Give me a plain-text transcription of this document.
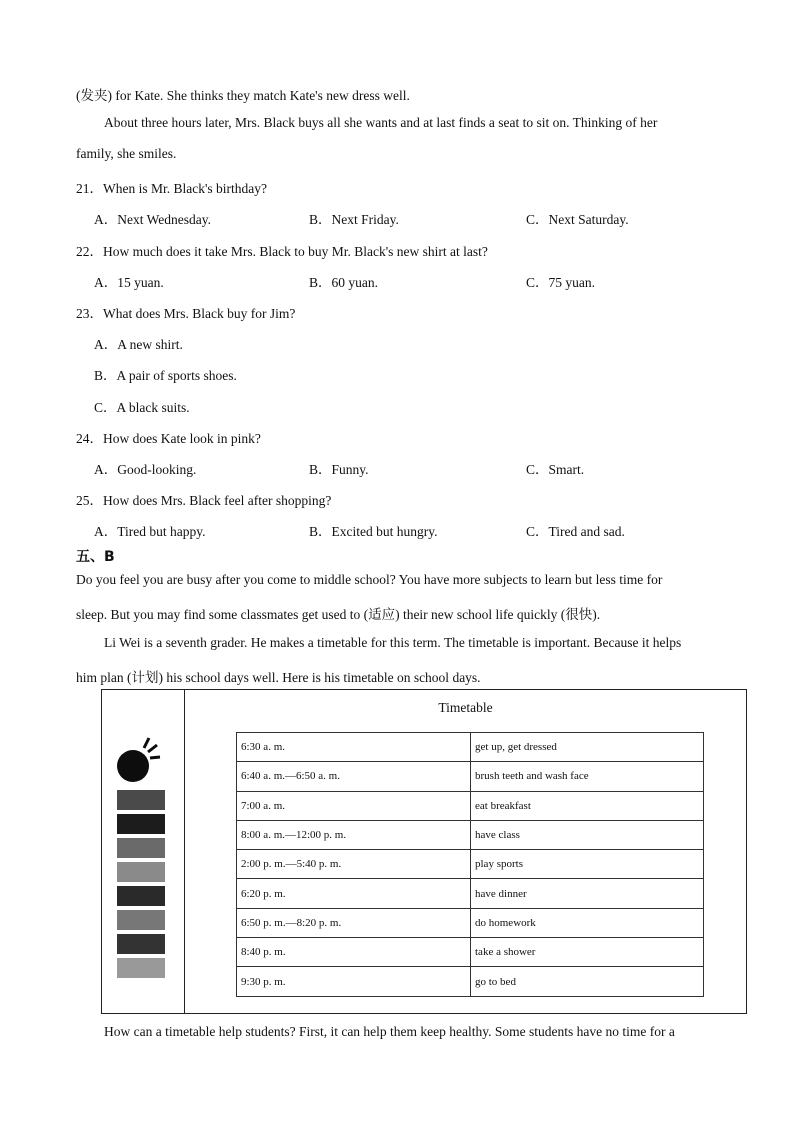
(发夹) for Kate. She thinks they match Kate's new dress well.
About three hours later, Mrs. Black buys all she wants and at last finds a seat to sit on. Thinking of her
family, she smiles.
21．When is Mr. Black's birthday?
A．Next Wednesday.	B．Next Friday.	C．Next Saturday.
22．How much does it take Mrs. Black to buy Mr. Black's new shirt at last?
A．15 yuan.	B．60 yuan.	C．75 yuan.
23．What does Mrs. Black buy for Jim?
A．A new shirt.
B．A pair of sports shoes.
C．A black suits.
24．How does Kate look in pink?
A．Good-looking.	B．Funny.	C．Smart.
25．How does Mrs. Black feel after shopping?
A．Tired but happy.	B．Excited but hungry.	C．Tired and sad.
五、B
Do you feel you are busy after you come to middle school? You have more subjects to learn but less time for
sleep. But you may find some classmates get used to (适应) their new school life quickly (很快).
Li Wei is a seventh grader. He makes a timetable for this term. The timetable is important. Because it helps
him plan (计划) his school days well. Here is his timetable on school days.
Timetable
6:30 a. m.	get up, get dressed
6:40 a. m.—6:50 a. m.	brush teeth and wash face
7:00 a. m.	eat breakfast
8:00 a. m.—12:00 p. m.	have class
2:00 p. m.—5:40 p. m.	play sports
6:20 p. m.	have dinner
6:50 p. m.—8:20 p. m.	do homework
8:40 p. m.	take a shower
9:30 p. m.	go to bed
How can a timetable help students? First, it can help them keep healthy. Some students have no time for a
